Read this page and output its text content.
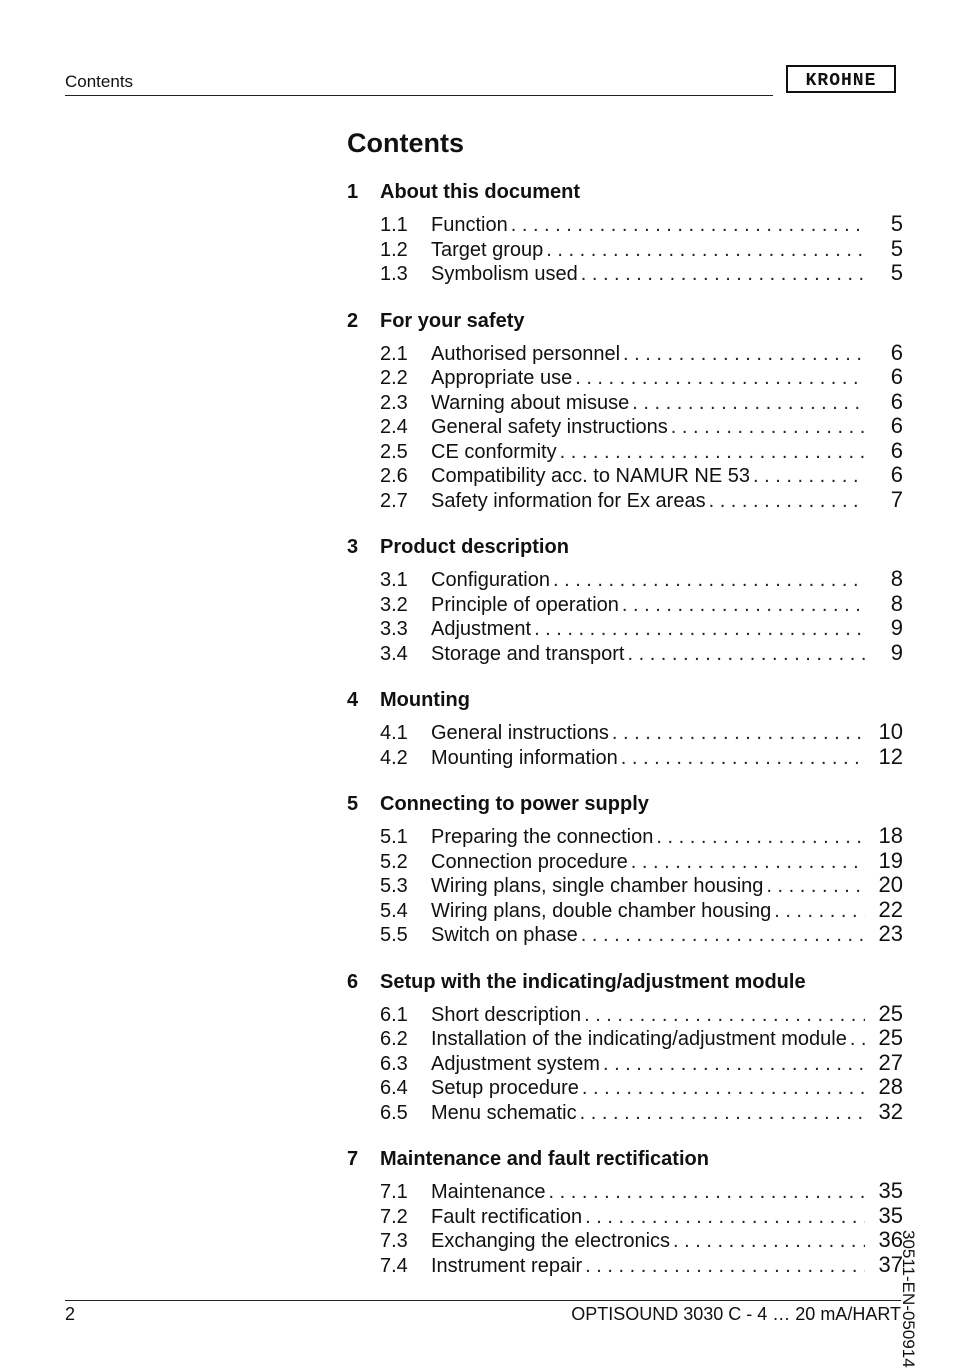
Contents	KROHNE
Contents
1	About this document
1.1	Function . . .	5
1.2	Target group . . .	5
1.3	Symbolism used . . .	5
2	For your safety
2.1	Authorised personnel . . .	6
2.2	Appropriate use . . .	6
2.3	Warning about misuse . . .	6
2.4	General safety instructions . . .	6
2.5	CE conformity . . .	6
2.6	Compatibility acc. to NAMUR NE 53 . . .	6
2.7	Safety information for Ex areas . . .	7
3	Product description
3.1	Configuration . . .	8
3.2	Principle of operation . . .	8
3.3	Adjustment . . .	9
3.4	Storage and transport . . .	9
4	Mounting
4.1	General instructions . . .	10
4.2	Mounting information . . .	12
5	Connecting to power supply
5.1	Preparing the connection . . .	18
5.2	Connection procedure . . .	19
5.3	Wiring plans, single chamber housing . . .	20
5.4	Wiring plans, double chamber housing . . .	22
5.5	Switch on phase . . .	23
6	Setup with the indicating/adjustment module
6.1	Short description . . .	25
6.2	Installation of the indicating/adjustment module . . .	25
6.3	Adjustment system . . .	27
6.4	Setup procedure . . .	28
6.5	Menu schematic . . .	32
7	Maintenance and fault rectification
7.1	Maintenance . . .	35
7.2	Fault rectification . . .	35
7.3	Exchanging the electronics . . .	36
7.4	Instrument repair . . .	37
30511-EN-050914
2	OPTISOUND 3030 C - 4 … 20 mA/HART
